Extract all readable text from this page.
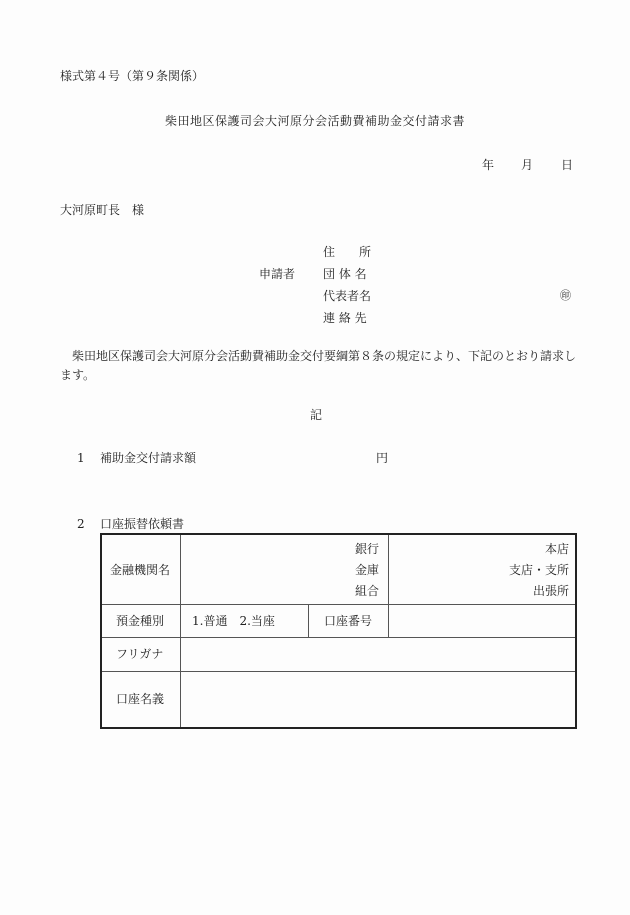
様式第４号（第９条関係）
柴田地区保護司会大河原分会活動費補助金交付請求書
年 月 日
大河原町長　様
申請者
住　　所
団 体 名
代表者名
連 絡 先
㊞
柴田地区保護司会大河原分会活動費補助金交付要綱第８条の規定により、下記のとおり請求します。
記
1 補助金交付請求額	円
2 口座振替依頼書
金融機関名
銀行
金庫
組合
本店
支店・支所
出張所
預金種別 1.普通　2.当座	口座番号
フリガナ
口座名義
